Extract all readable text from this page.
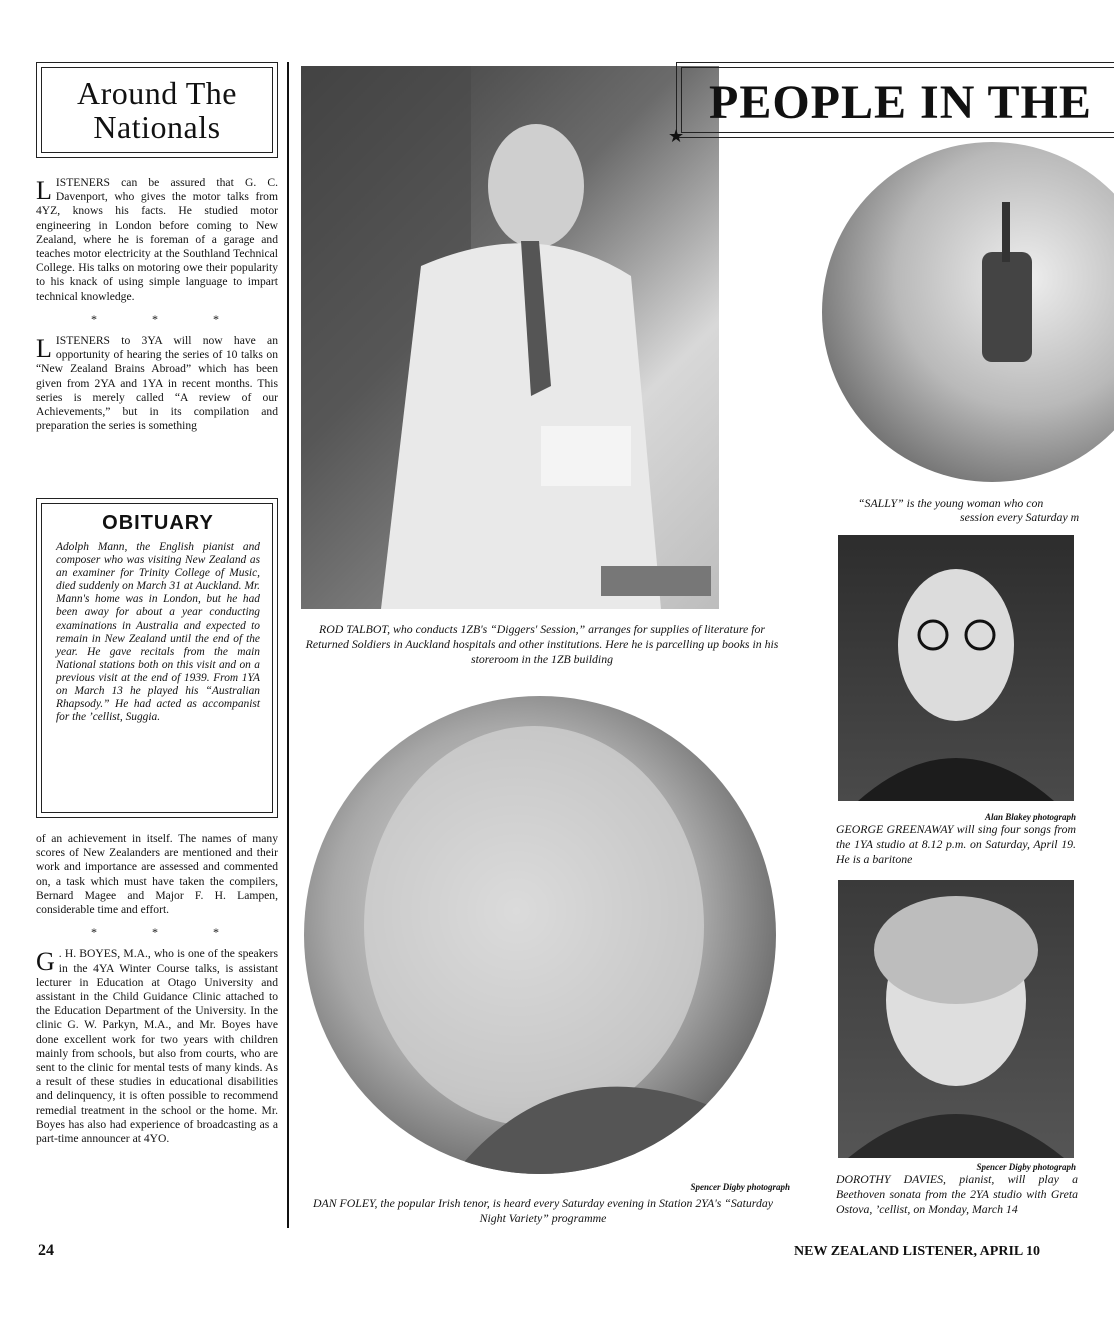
Around The
Nationals

LISTENERS can be assured that G. C. Davenport, who gives the motor talks from 4YZ, knows his facts. He studied motor engineering in London before coming to New Zealand, where he is foreman of a garage and teaches motor electricity at the Southland Technical College. His talks on motoring owe their popularity to his knack of using simple language to impart technical knowledge.

* * *

LISTENERS to 3YA will now have an opportunity of hearing the series of 10 talks on “New Zealand Brains Abroad” which has been given from 2YA and 1YA in recent months. This series is merely called “A review of our Achievements,” but in its compilation and preparation the series is something

OBITUARY
Adolph Mann, the English pianist and composer who was visiting New Zealand as an examiner for Trinity College of Music, died suddenly on March 31 at Auckland. Mr. Mann's home was in London, but he had been away for about a year conducting examinations in Australia and expected to remain in New Zealand until the end of the year. He gave recitals from the main National stations both on this visit and on a previous visit at the end of 1939. From 1YA on March 13 he played his “Australian Rhapsody.” He had acted as accompanist for the ’cellist, Suggia.

of an achievement in itself. The names of many scores of New Zealanders are mentioned and their work and importance are assessed and commented on, a task which must have taken the compilers, Bernard Magee and Major F. H. Lampen, considerable time and effort.

* * *

G . H. BOYES, M.A., who is one of the speakers in the 4YA Winter Course talks, is assistant lecturer in Education at Otago University and assistant in the Child Guidance Clinic attached to the Education Department of the University. In the clinic G. W. Parkyn, M.A., and Mr. Boyes have done excellent work for two years with children mainly from schools, but also from courts, who are sent to the clinic for mental tests of many kinds. As a result of these studies in educational disabilities and delinquency, it is often possible to recommend remedial treatment in the school or the home. Mr. Boyes has also had experience of broadcasting as a part-time announcer at 4YO.

ROD TALBOT, who conducts 1ZB's “Diggers' Session,” arranges for supplies of literature for Returned Soldiers in Auckland hospitals and other institutions. Here he is parcelling up books in his storeroom in the 1ZB building
PEOPLE IN THE
★
“SALLY” is the young woman who con
session every Saturday m
Alan Blakey photograph
GEORGE GREENAWAY will sing four songs from the 1YA studio at 8.12 p.m. on Saturday, April 19. He is a baritone
Spencer Digby photograph
DAN FOLEY, the popular Irish tenor, is heard every Saturday evening in Station 2YA's “Saturday Night Variety” programme
Spencer Digby photograph
DOROTHY DAVIES, pianist, will play a Beethoven sonata from the 2YA studio with Greta Ostova, ’cellist, on Monday, March 14
24	NEW ZEALAND LISTENER, APRIL 10
